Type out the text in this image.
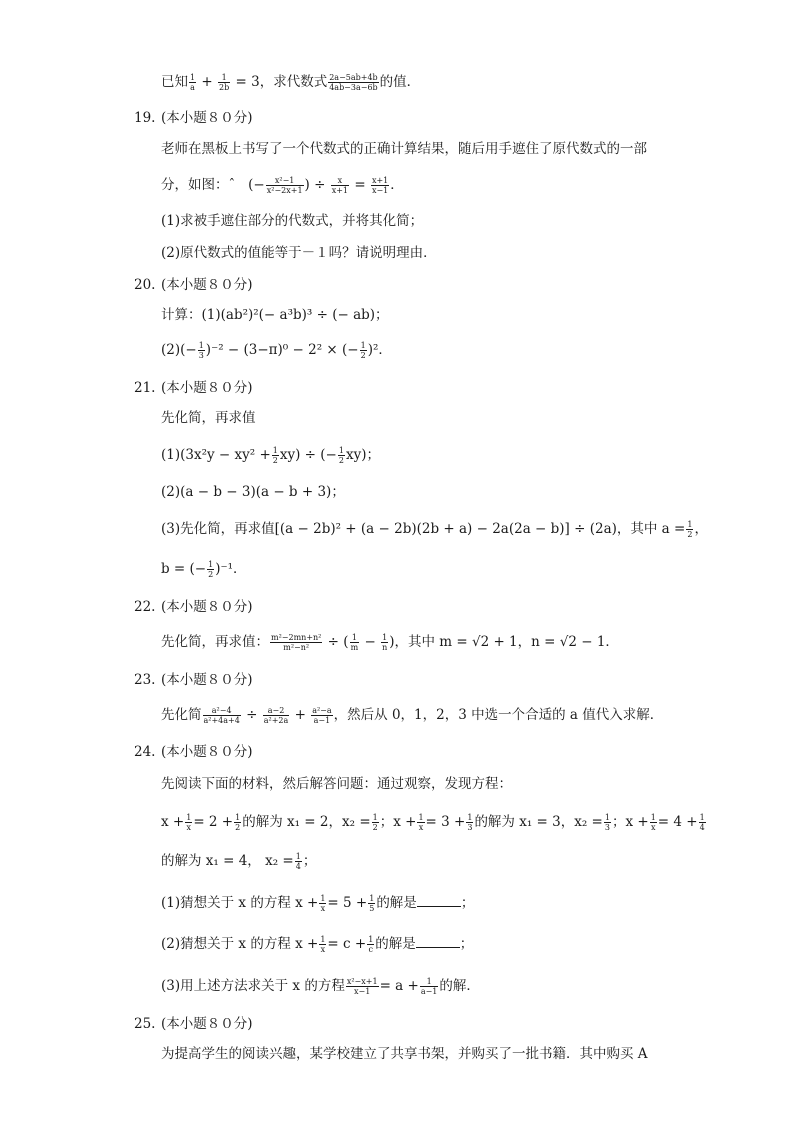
已知 $\frac{1}{a} + \frac{1}{2b} = 3$，求代数式 $\frac{2a-5ab+4b}{4ab-3a-6b}$ 的值．
19. (本小题８０分)
老师在黑板上书写了一个代数式的正确计算结果，随后用手遮住了原代数式的一部
分，如图：ˆ (− $\frac{\text{x²−1}}{\text{x²−2x+1}}$ ) ÷ $\frac{x}{x+1} = \frac{x+1}{x-1}$ ．
(1)求被手遮住部分的代数式，并将其化简；
(2)原代数式的值能等于－１吗？请说明理由．
20. (本小题８０分)
计算：(1)(ab²)²(− a³b)³ ÷ (− ab)；
$(2)(- \frac{1}{3} )^{-2} - (3-\pi)^0 - 2^2$ × (− $\frac{1}{2} )^2$．
21. (本小题８０分)
先化简，再求值
$(1)(3x^2y - xy^2 + \frac{1}{2} xy)$ ÷ (− $\frac{1}{2} xy$)；
(2)(a − b − 3)(a − b + 3)；
(3)先化简，再求值[(a − 2b)² + (a − 2b)(2b + a) − 2a(2a − b)] ÷ (2a)，其中 $a = \frac{1}{2}$ ，
b = (− $\frac{1}{2} )^{-1}$．
22. (本小题８０分)
先化简，再求值： $\frac{\text{m²−2mn+n²}}{\text{m²−n²}}$ ÷ ( $\frac{1}{m} - \frac{1}{n}$ )，其中 m = √2 + 1，n = √2 − 1．
23. (本小题８０分)
先化简 $\frac{\text{a²−4}}{\text{a²+4a+4}} \div \frac{a-2}{\text{a²+2a}} + \frac{\text{a²−a}}{a-1}$ ，然后从 0，1，2，3 中选一个合适的 a 值代入求解．
24. (本小题８０分)
先阅读下面的材料，然后解答问题：通过观察，发现方程：
$x + \frac{1}{x} = 2 + \frac{1}{2}$ 的解为 x₁ = 2，$x_2 = \frac{1}{2}$ ；$x + \frac{1}{x} = 3 + \frac{1}{3}$ 的解为 x₁ = 3，$x_2 = \frac{1}{3}$ ；$x + \frac{1}{x} = 4 + \frac{1}{4}$
的解为 x₁ = 4， $x_2 = \frac{1}{4}$ ；
(1)猜想关于 x 的方程 $x + \frac{1}{x} = 5 + \frac{1}{5}$ 的解是	；
(2)猜想关于 x 的方程 $x + \frac{1}{x} = c + \frac{1}{c}$ 的解是	；
(3)用上述方法求关于 x 的方程 $\frac{\text{x²−x+1}}{x-1} = a + \frac{1}{a-1}$ 的解．
25. (本小题８０分)
为提高学生的阅读兴趣，某学校建立了共享书架，并购买了一批书籍．其中购买 A
